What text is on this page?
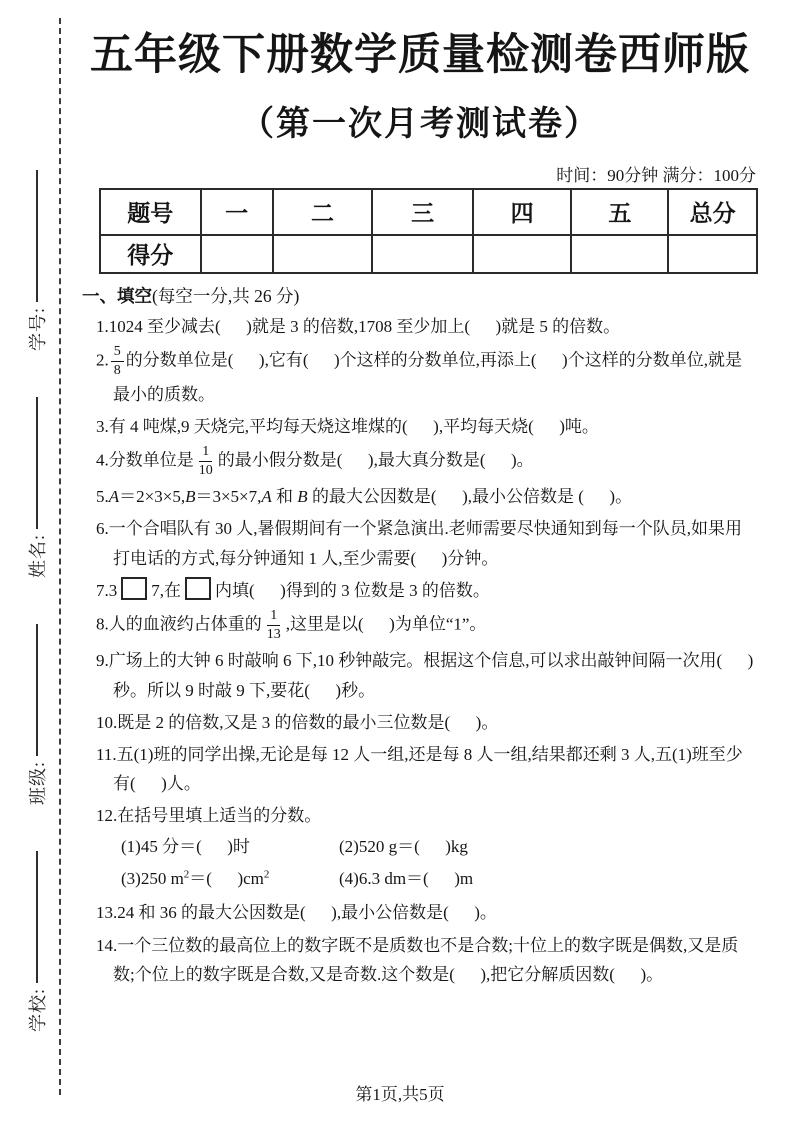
学校:
班级:
姓名:
学号:
五年级下册数学质量检测卷西师版
（第一次月考测试卷）
时间：90分钟 满分：100分
题号	一	二	三	四	五	总分
得分						
一、填空(每空一分,共 26 分)
1.1024 至少减去(      )就是 3 的倍数,1708 至少加上(      )就是 5 的倍数。
2. $\frac{5}{8}$ 的分数单位是(      ),它有(      )个这样的分数单位,再添上(      )个这样的分数单位,就是最小的质数。
3.有 4 吨煤,9 天烧完,平均每天烧这堆煤的(      ),平均每天烧(      )吨。
4.分数单位是 $\frac{1}{10}$ 的最小假分数是(      ),最大真分数是(      )。
5.A＝2×3×5,B＝3×5×7,A 和 B 的最大公因数是(      ),最小公倍数是 (      )。
6.一个合唱队有 30 人,暑假期间有一个紧急演出.老师需要尽快通知到每一个队员,如果用打电话的方式,每分钟通知 1 人,至少需要(      )分钟。
7.3 7,在 内填(      )得到的 3 位数是 3 的倍数。
8.人的血液约占体重的 $\frac{1}{13}$ ,这里是以(      )为单位“1”。
9.广场上的大钟 6 时敲响 6 下,10 秒钟敲完。根据这个信息,可以求出敲钟间隔一次用(      )秒。所以 9 时敲 9 下,要花(      )秒。
10.既是 2 的倍数,又是 3 的倍数的最小三位数是(      )。
11.五(1)班的同学出操,无论是每 12 人一组,还是每 8 人一组,结果都还剩 3 人,五(1)班至少有(      )人。
12.在括号里填上适当的分数。
(1)45 分＝(      )时	(2)520 g＝(      )kg
(3)250 $m^2=$(      )$cm^2$	(4)6.3 dm＝(      )m
13.24 和 36 的最大公因数是(      ),最小公倍数是(      )。
14.一个三位数的最高位上的数字既不是质数也不是合数;十位上的数字既是偶数,又是质数;个位上的数字既是合数,又是奇数.这个数是(      ),把它分解质因数(      )。
第1页,共5页
